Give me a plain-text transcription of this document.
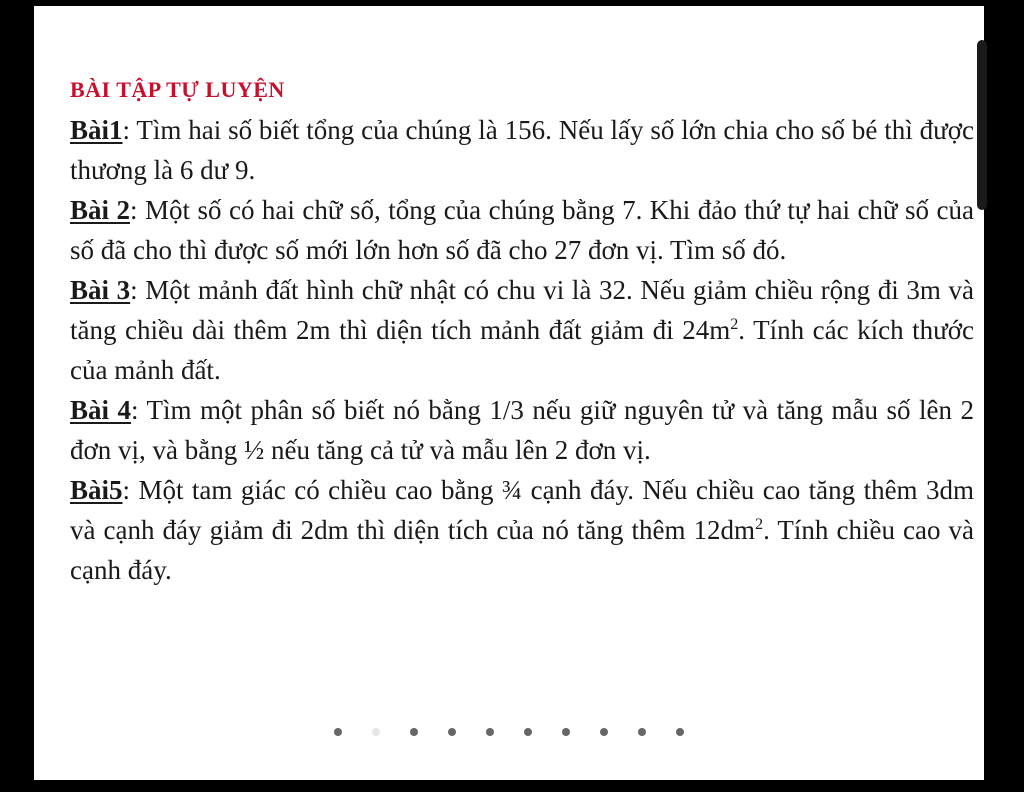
BÀI TẬP TỰ LUYỆN

Bài1: Tìm hai số biết tổng của chúng là 156. Nếu lấy số lớn chia cho số bé thì được thương là 6 dư 9.

Bài 2: Một số có hai chữ số, tổng của chúng bằng 7. Khi đảo thứ tự hai chữ số của số đã cho thì được số mới lớn hơn số đã cho 27 đơn vị. Tìm số đó.

Bài 3: Một mảnh đất hình chữ nhật có chu vi là 32. Nếu giảm chiều rộng đi 3m và tăng chiều dài thêm 2m thì diện tích mảnh đất giảm đi $24m^2$. Tính các kích thước của mảnh đất.

Bài 4: Tìm một phân số biết nó bằng 1/3 nếu giữ nguyên tử và tăng mẫu số lên 2 đơn vị, và bằng ½ nếu tăng cả tử và mẫu lên 2 đơn vị.

Bài5: Một tam giác có chiều cao bằng ¾ cạnh đáy. Nếu chiều cao tăng thêm 3dm và cạnh đáy giảm đi 2dm thì diện tích của nó tăng thêm $12dm^2$. Tính chiều cao và cạnh đáy.
